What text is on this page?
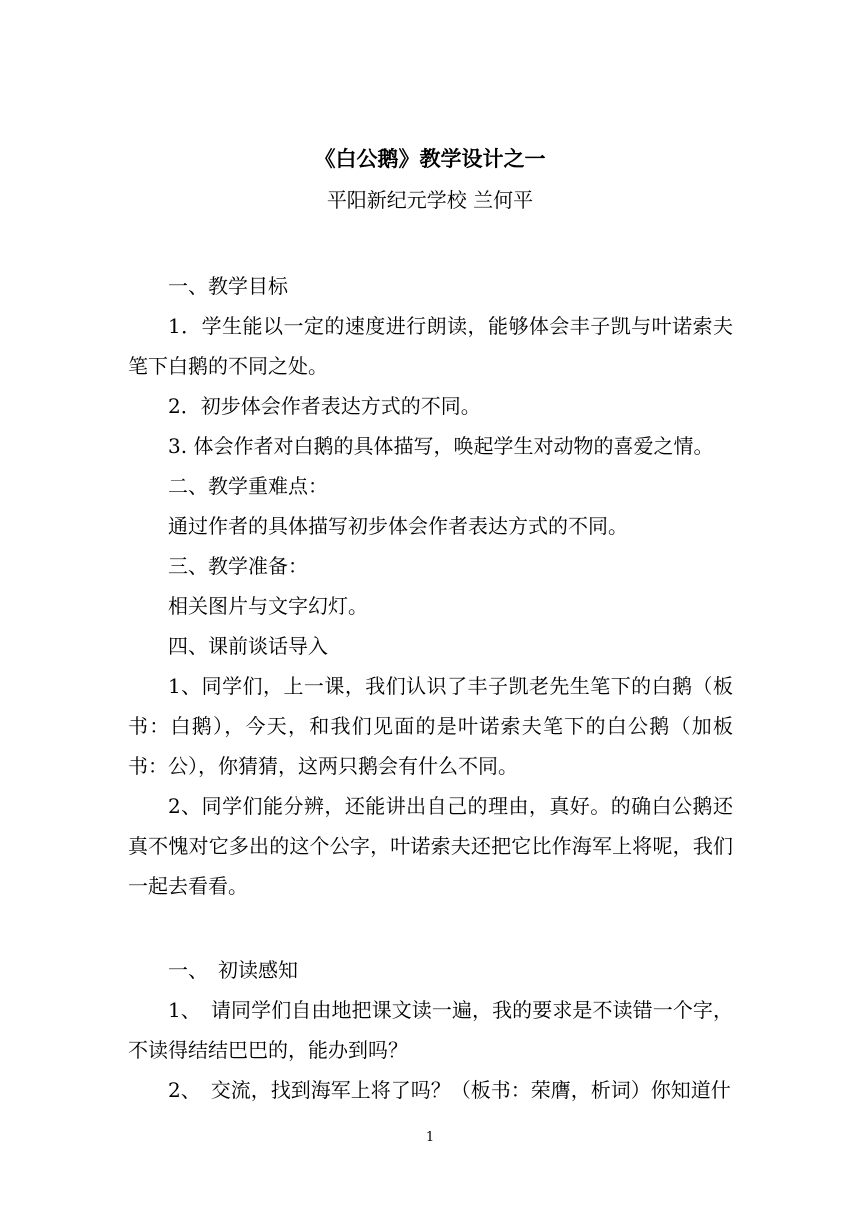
《白公鹅》教学设计之一
平阳新纪元学校 兰何平

一、教学目标

1．学生能以一定的速度进行朗读，能够体会丰子凯与叶诺索夫笔下白鹅的不同之处。

2．初步体会作者表达方式的不同。

3. 体会作者对白鹅的具体描写，唤起学生对动物的喜爱之情。

二、教学重难点：

通过作者的具体描写初步体会作者表达方式的不同。

三、教学准备：

相关图片与文字幻灯。

四、课前谈话导入

1、同学们，上一课，我们认识了丰子凯老先生笔下的白鹅（板书：白鹅），今天，和我们见面的是叶诺索夫笔下的白公鹅（加板书：公），你猜猜，这两只鹅会有什么不同。

2、同学们能分辨，还能讲出自己的理由，真好。的确白公鹅还真不愧对它多出的这个公字，叶诺索夫还把它比作海军上将呢，我们一起去看看。

一、　初读感知

1、　请同学们自由地把课文读一遍，我的要求是不读错一个字，不读得结结巴巴的，能办到吗？

2、　交流，找到海军上将了吗？（板书：荣膺，析词）你知道什

1
